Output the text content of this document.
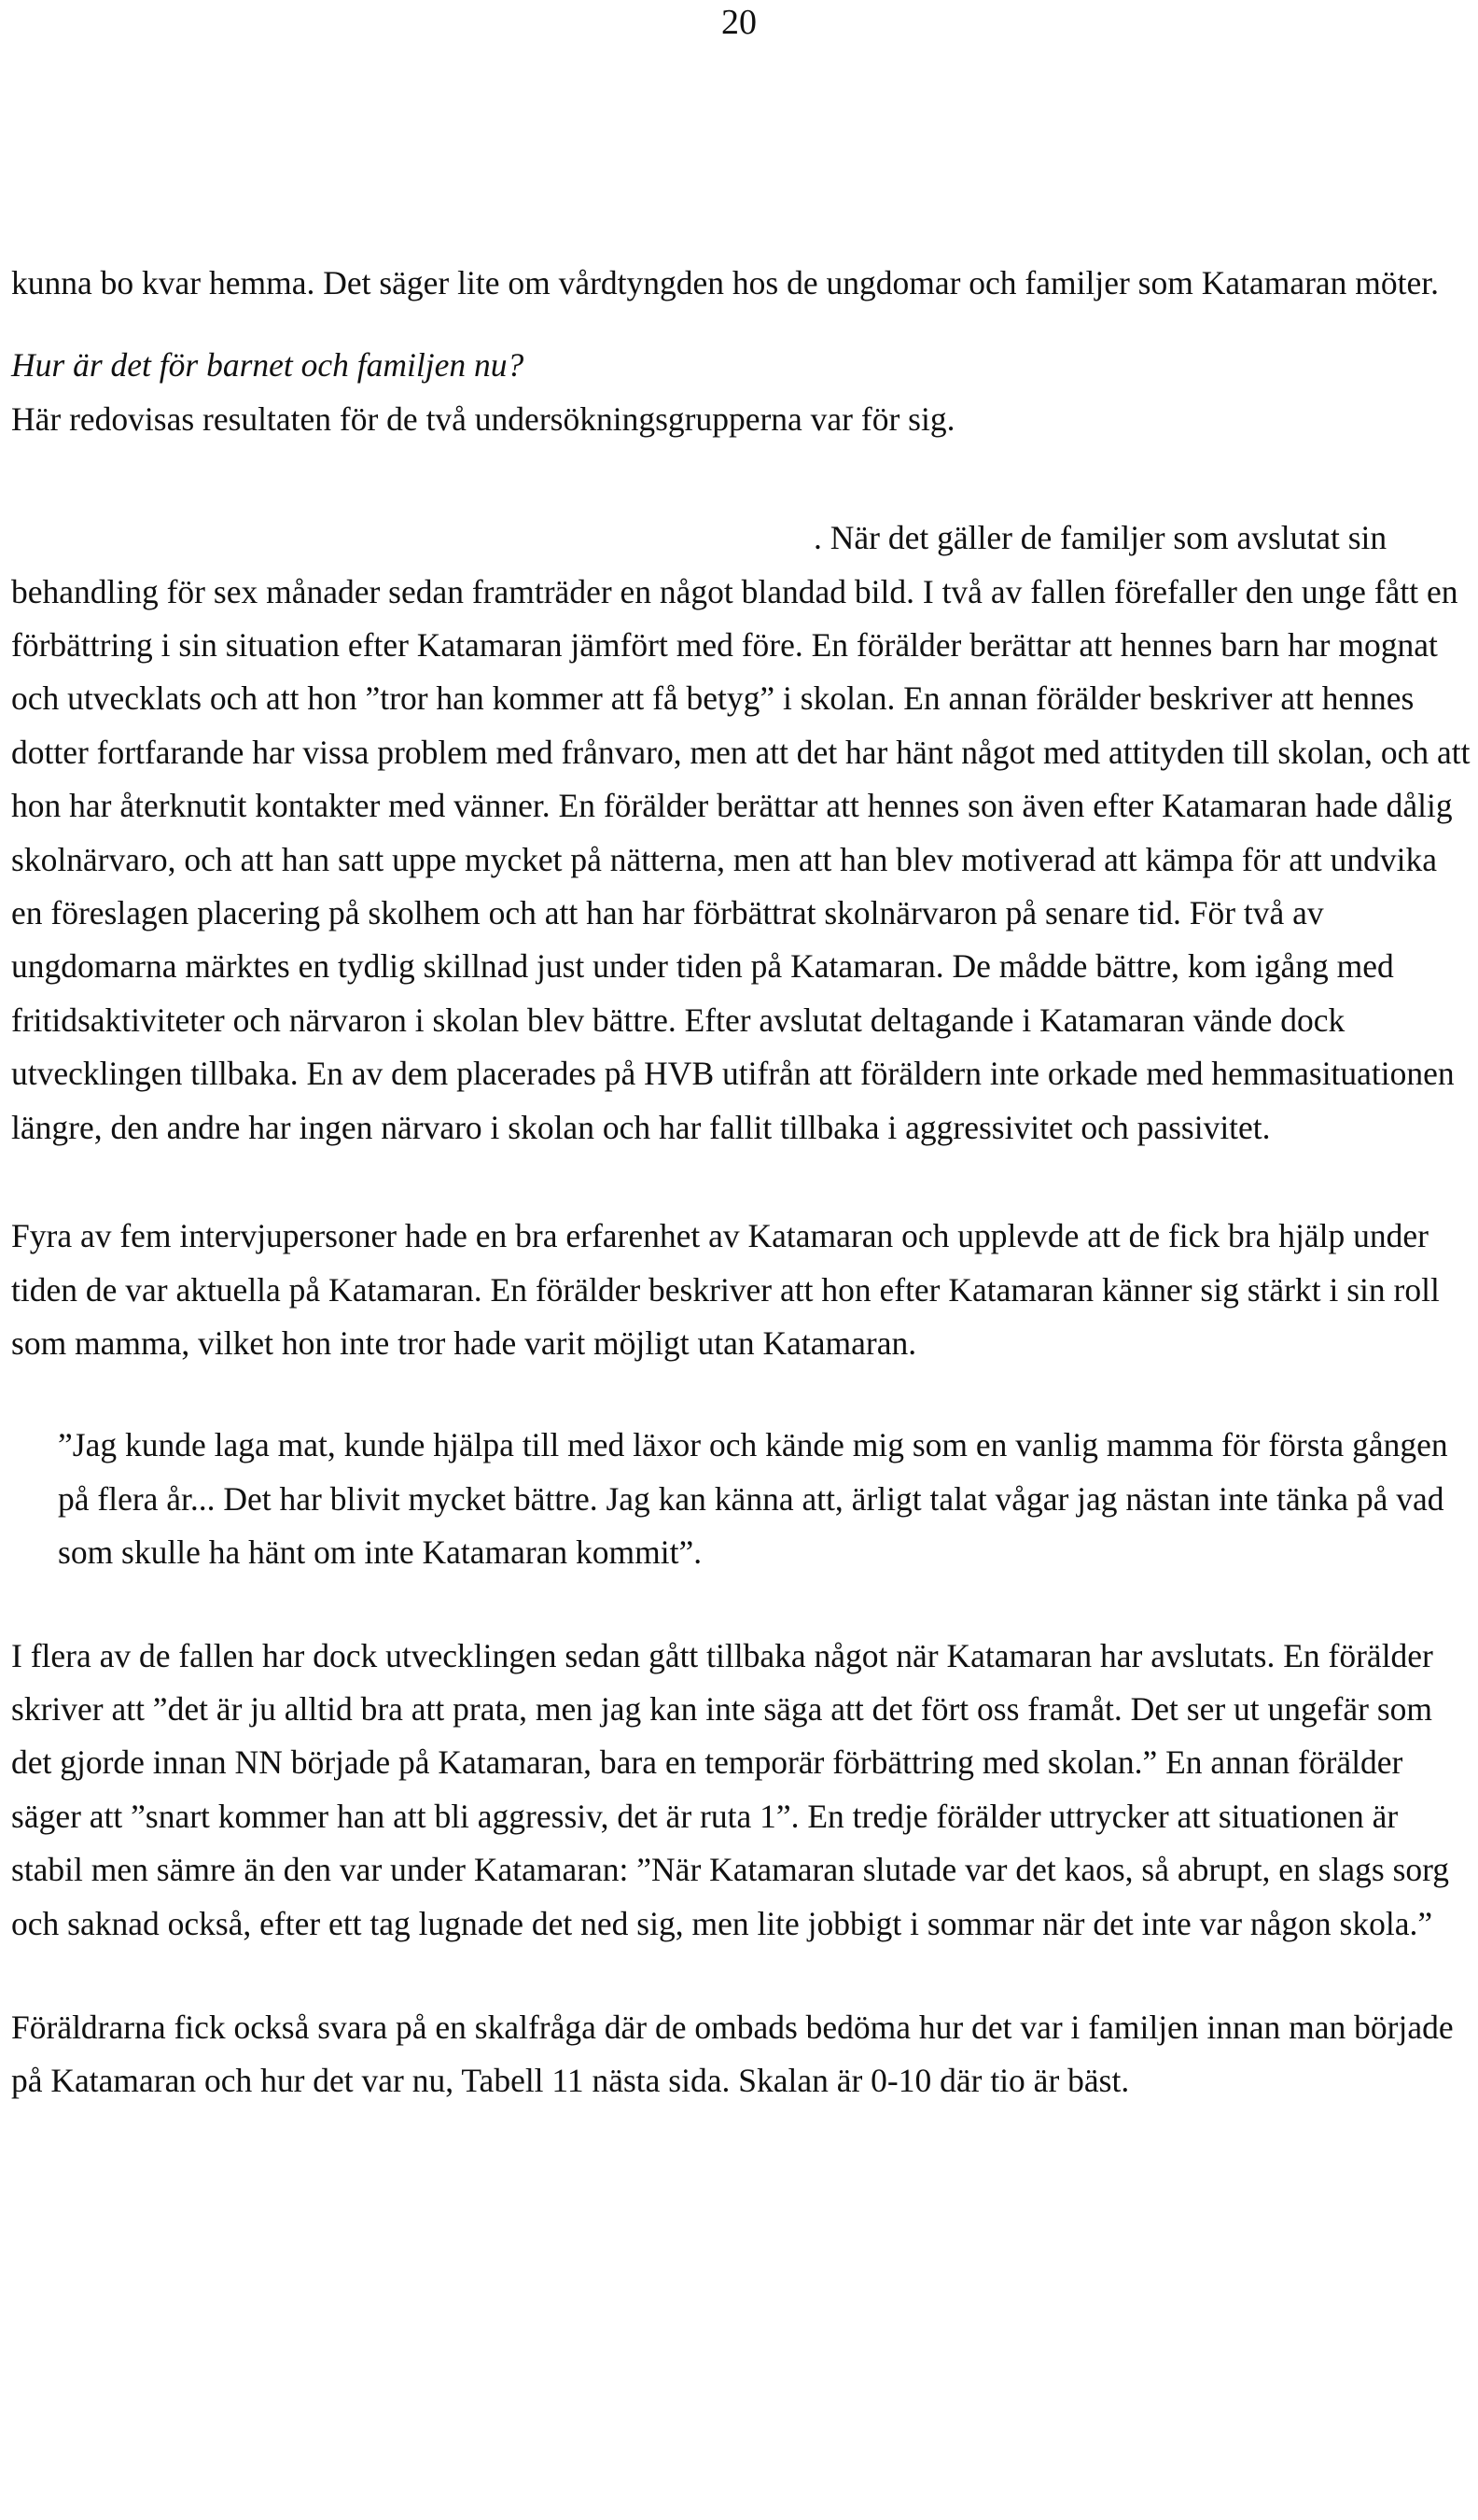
20

kunna bo kvar hemma. Det säger lite om vårdtyngden hos de ungdomar och familjer som Katamaran möter.

Hur är det för barnet och familjen nu?

Här redovisas resultaten för de två undersökningsgrupperna var för sig.

. När det gäller de familjer som avslutat sin behandling för sex månader sedan framträder en något blandad bild. I två av fallen förefaller den unge fått en förbättring i sin situation efter Katamaran jämfört med före. En förälder berättar att hennes barn har mognat och utvecklats och att hon ”tror han kommer att få betyg” i skolan. En annan förälder beskriver att hennes dotter fortfarande har vissa problem med frånvaro, men att det har hänt något med attityden till skolan, och att hon har återknutit kontakter med vänner. En förälder berättar att hennes son även efter Katamaran hade dålig skolnärvaro, och att han satt uppe mycket på nätterna, men att han blev motiverad att kämpa för att undvika en föreslagen placering på skolhem och att han har förbättrat skolnärvaron på senare tid. För två av ungdomarna märktes en tydlig skillnad just under tiden på Katamaran. De mådde bättre, kom igång med fritidsaktiviteter och närvaron i skolan blev bättre. Efter avslutat deltagande i Katamaran vände dock utvecklingen tillbaka. En av dem placerades på HVB utifrån att föräldern inte orkade med hemmasituationen längre, den andre har ingen närvaro i skolan och har fallit tillbaka i aggressivitet och passivitet.

Fyra av fem intervjupersoner hade en bra erfarenhet av Katamaran och upplevde att de fick bra hjälp under tiden de var aktuella på Katamaran. En förälder beskriver att hon efter Katamaran känner sig stärkt i sin roll som mamma, vilket hon inte tror hade varit möjligt utan Katamaran.

”Jag kunde laga mat, kunde hjälpa till med läxor och kände mig som en vanlig mamma för första gången på flera år... Det har blivit mycket bättre. Jag kan känna att, ärligt talat vågar jag nästan inte tänka på vad som skulle ha hänt om inte Katamaran kommit”.

I flera av de fallen har dock utvecklingen sedan gått tillbaka något när Katamaran har avslutats. En förälder skriver att ”det är ju alltid bra att prata, men jag kan inte säga att det fört oss framåt. Det ser ut ungefär som det gjorde innan NN började på Katamaran, bara en temporär förbättring med skolan.” En annan förälder säger att ”snart kommer han att bli aggressiv, det är ruta 1”. En tredje förälder uttrycker att situationen är stabil men sämre än den var under Katamaran: ”När Katamaran slutade var det kaos, så abrupt, en slags sorg och saknad också, efter ett tag lugnade det ned sig, men lite jobbigt i sommar när det inte var någon skola.”

Föräldrarna fick också svara på en skalfråga där de ombads bedöma hur det var i familjen innan man började på Katamaran och hur det var nu, Tabell 11 nästa sida. Skalan är 0-10 där tio är bäst.
